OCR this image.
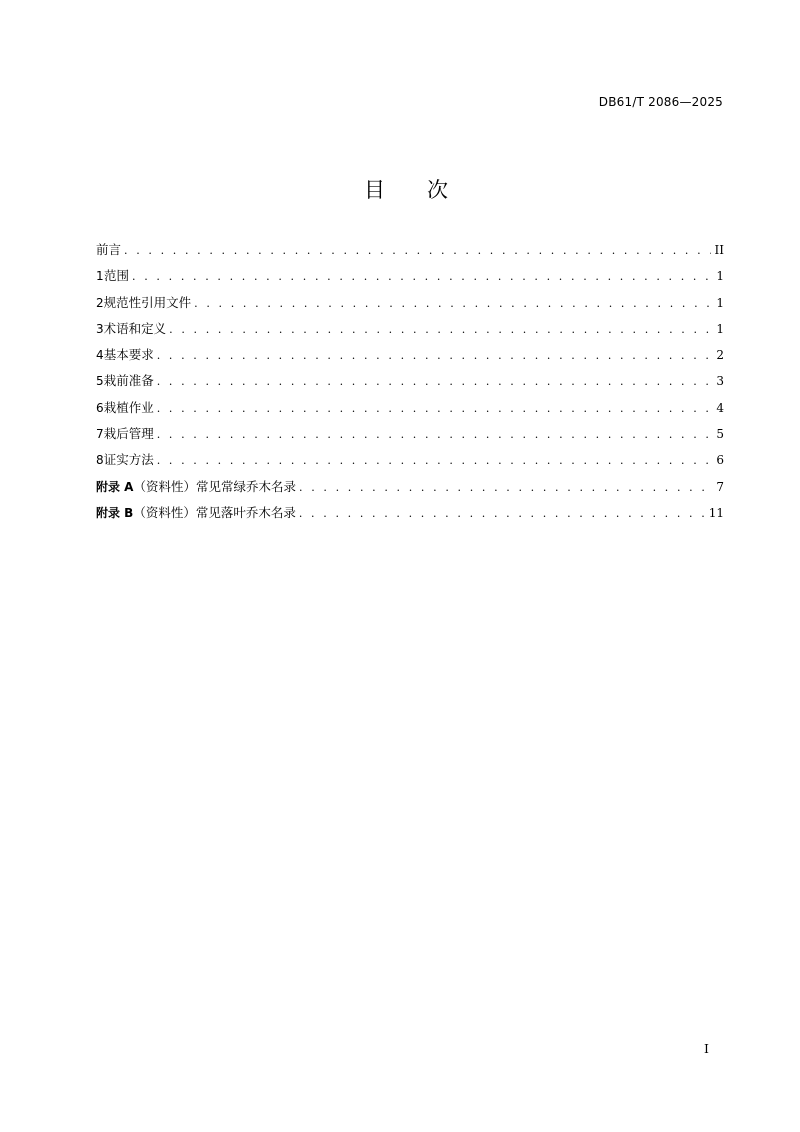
DB61/T 2086—2025
目 次
前言 . . .	II
1 范围 . . .	1
2 规范性引用文件 . . .	1
3 术语和定义 . . .	1
4 基本要求 . . .	2
5 栽前准备 . . .	3
6 栽植作业 . . .	4
7 栽后管理 . . .	5
8 证实方法 . . .	6
附录 A （资料性） 常见常绿乔木名录 . . .	7
附录 B （资料性） 常见落叶乔木名录 . . .	11
I
